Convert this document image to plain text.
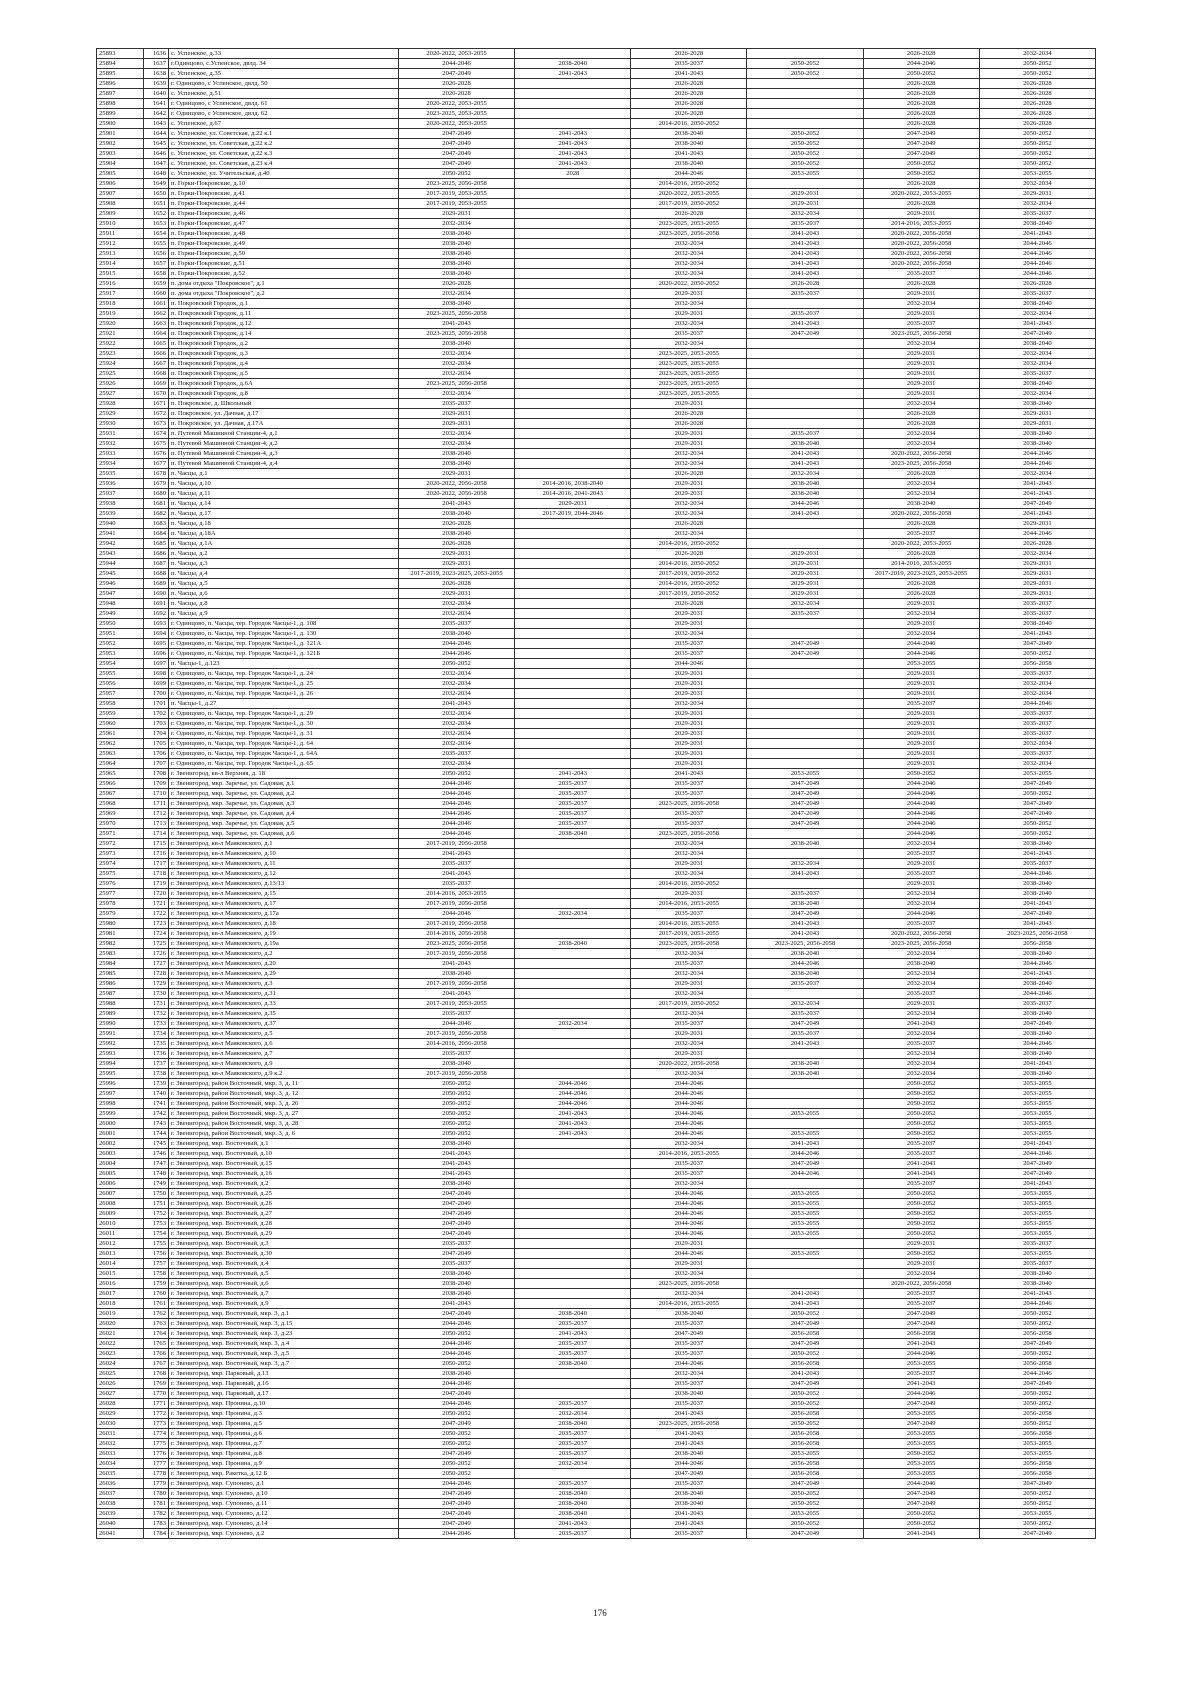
25893	1636	с. Успенское, д.33	2020-2022, 2053-2055		2026-2028		2026-2028	2032-2034
25894	1637	г.Одинцово, с.Успенское, двлд. 34	2044-2046	2038-2040	2035-2037	2050-2052	2044-2046	2050-2052
25895	1638	с. Успенское, д.35	2047-2049	2041-2043	2041-2043	2050-2052	2050-2052	2050-2052
25896	1639	г. Одинцово, с Успенское, двлд. 50	2026-2028		2026-2028		2026-2028	2026-2028
25897	1640	с. Успенское, д.51	2026-2028		2026-2028		2026-2028	2026-2028
25898	1641	г. Одинцово, с Успенское, двлд. 61	2020-2022, 2053-2055		2026-2028		2026-2028	2026-2028
25899	1642	г. Одинцово, с Успенское, двлд. 62	2023-2025, 2053-2055		2026-2028		2026-2028	2026-2028
25900	1643	с. Успенское, д.67	2020-2022, 2053-2055		2014-2016, 2050-2052		2026-2028	2026-2028
25901	1644	с. Успенское, ул. Советская, д.22 к.1	2047-2049	2041-2043	2038-2040	2050-2052	2047-2049	2050-2052
25902	1645	с. Успенское, ул. Советская, д.22 к.2	2047-2049	2041-2043	2038-2040	2050-2052	2047-2049	2050-2052
25903	1646	с. Успенское, ул. Советская, д.22 к.3	2047-2049	2041-2043	2041-2043	2050-2052	2047-2049	2050-2052
25904	1647	с. Успенское, ул. Советская, д.23 к.4	2047-2049	2041-2043	2038-2040	2050-2052	2050-2052	2050-2052
25905	1648	с. Успенское, ул. Учительская, д.40	2050-2052	2028	2044-2046	2053-2055	2050-2052	2053-2055
25906	1649	п. Горки-Покровские, д.10	2023-2025, 2056-2058		2014-2016, 2050-2052		2026-2028	2032-2034
25907	1650	п. Горки-Покровские, д.41	2017-2019, 2053-2055		2020-2022, 2053-2055	2029-2031	2020-2022, 2053-2055	2029-2031
25908	1651	п. Горки-Покровские, д.44	2017-2019, 2053-2055		2017-2019, 2050-2052	2029-2031	2026-2028	2032-2034
25909	1652	п. Горки-Покровские, д.46	2029-2031		2026-2028	2032-2034	2029-2031	2035-2037
25910	1653	п. Горки-Покровские, д.47	2032-2034		2023-2025, 2053-2055	2035-2037	2014-2016, 2053-2055	2038-2040
25911	1654	п. Горки-Покровские, д.48	2038-2040		2023-2025, 2056-2058	2041-2043	2020-2022, 2056-2058	2041-2043
25912	1655	п. Горки-Покровские, д.49	2038-2040		2032-2034	2041-2043	2020-2022, 2056-2058	2044-2046
25913	1656	п. Горки-Покровские, д.50	2038-2040		2032-2034	2041-2043	2020-2022, 2056-2058	2044-2046
25914	1657	п. Горки-Покровские, д.51	2038-2040		2032-2034	2041-2043	2020-2022, 2056-2058	2044-2046
25915	1658	п. Горки-Покровские, д.52	2038-2040		2032-2034	2041-2043	2035-2037	2044-2046
25916	1659	п. дома отдыха "Покровское", д.1	2026-2028		2020-2022, 2050-2052	2026-2028	2026-2028	2026-2028
25917	1660	п. дома отдыха "Покровское", д.2	2032-2034		2029-2031	2035-2037	2029-2031	2035-2037
25918	1661	п. Покровский Городок, д.1	2038-2040		2032-2034		2032-2034	2038-2040
25919	1662	п. Покровский Городок, д.11	2023-2025, 2056-2058		2029-2031	2035-2037	2029-2031	2032-2034
25920	1663	п. Покровский Городок, д.12	2041-2043		2032-2034	2041-2043	2035-2037	2041-2043
25921	1664	п. Покровский Городок, д.14	2023-2025, 2056-2058		2035-2037	2047-2049	2023-2025, 2056-2058	2047-2049
25922	1665	п. Покровский Городок, д.2	2038-2040		2032-2034		2032-2034	2038-2040
25923	1666	п. Покровский Городок, д.3	2032-2034		2023-2025, 2053-2055		2029-2031	2032-2034
25924	1667	п. Покровский Городок, д.4	2032-2034		2023-2025, 2053-2055		2029-2031	2032-2034
25925	1668	п. Покровский Городок, д.5	2032-2034		2023-2025, 2053-2055		2029-2031	2035-2037
25926	1669	п. Покровский Городок, д.6А	2023-2025, 2056-2058		2023-2025, 2053-2055		2029-2031	2038-2040
25927	1670	п. Покровский Городок, д.8	2032-2034		2023-2025, 2053-2055		2029-2031	2032-2034
25928	1671	п. Покровское, д. Школьный	2035-2037		2029-2031		2032-2034	2038-2040
25929	1672	п. Покровское, ул. Дачная, д.17	2029-2031		2026-2028		2026-2028	2029-2031
25930	1673	п. Покровское, ул. Дачная, д.17А	2029-2031		2026-2028		2026-2028	2029-2031
25931	1674	п. Путевой Машинной Станции-4, д.1	2032-2034		2029-2031	2035-2037	2032-2034	2038-2040
25932	1675	п. Путевой Машинной Станции-4, д.2	2032-2034		2029-2031	2038-2040	2032-2034	2038-2040
25933	1676	п. Путевой Машинной Станции-4, д.3	2038-2040		2032-2034	2041-2043	2020-2022, 2056-2058	2044-2046
25934	1677	п. Путевой Машинной Станции-4, д.4	2038-2040		2032-2034	2041-2043	2023-2025, 2056-2058	2044-2046
25935	1678	п. Часцы, д.1	2029-2031		2026-2028	2032-2034	2026-2028	2032-2034
25936	1679	п. Часцы, д.10	2020-2022, 2056-2058	2014-2016, 2038-2040	2029-2031	2038-2040	2032-2034	2041-2043
25937	1680	п. Часцы, д.11	2020-2022, 2056-2058	2014-2016, 2041-2043	2029-2031	2038-2040	2032-2034	2041-2043
25938	1681	п. Часцы, д.14	2041-2043	2029-2031	2032-2034	2044-2046	2038-2040	2047-2049
25939	1682	п. Часцы, д.17	2038-2040	2017-2019, 2044-2046	2032-2034	2041-2043	2020-2022, 2056-2058	2041-2043
25940	1683	п. Часцы, д.18	2026-2028		2026-2028		2026-2028	2029-2031
25941	1684	п. Часцы, д.18А	2038-2040		2032-2034		2035-2037	2044-2046
25942	1685	п. Часцы, д.1А	2026-2028		2014-2016, 2050-2052		2020-2022, 2053-2055	2026-2028
25943	1686	п. Часцы, д.2	2029-2031		2026-2028	2029-2031	2026-2028	2032-2034
25944	1687	п. Часцы, д.3	2029-2031		2014-2016, 2050-2052	2029-2031	2014-2016, 2053-2055	2029-2031
25945	1688	п. Часцы, д.4	2017-2019, 2023-2025, 2053-2055		2017-2019, 2050-2052	2029-2031	2017-2019, 2023-2025, 2053-2055	2029-2031
25946	1689	п. Часцы, д.5	2026-2028		2014-2016, 2050-2052	2029-2031	2026-2028	2029-2031
25947	1690	п. Часцы, д.6	2029-2031		2017-2019, 2050-2052	2029-2031	2026-2028	2029-2031
25948	1691	п. Часцы, д.8	2032-2034		2026-2028	2032-2034	2029-2031	2035-2037
25949	1692	п. Часцы, д.9	2032-2034		2029-2031	2035-2037	2032-2034	2035-2037
25950	1693	г. Одинцово, п. Часцы, тер. Городок Часцы-1, д. 108	2035-2037		2029-2031		2029-2031	2038-2040
25951	1694	г. Одинцово, п. Часцы, тер. Городок Часцы-1, д. 130	2038-2040		2032-2034		2032-2034	2041-2043
25952	1695	г. Одинцово, п. Часцы, тер. Городок Часцы-1, д. 121А	2044-2046		2035-2037	2047-2049	2044-2046	2047-2049
25953	1696	г. Одинцово, п. Часцы, тер. Городок Часцы-1, д. 121Б	2044-2046		2035-2037	2047-2049	2044-2046	2050-2052
25954	1697	п. Часцы-1, д.123	2050-2052		2044-2046		2053-2055	2056-2058
25955	1698	г. Одинцово, п. Часцы, тер. Городок Часцы-1, д. 24	2032-2034		2029-2031		2029-2031	2035-2037
25956	1699	г. Одинцово, п. Часцы, тер. Городок Часцы-1, д. 25	2032-2034		2029-2031		2029-2031	2032-2034
25957	1700	г. Одинцово, п. Часцы, тер. Городок Часцы-1, д. 26	2032-2034		2029-2031		2029-2031	2032-2034
25958	1701	п. Часцы-1, д.27	2041-2043		2032-2034		2035-2037	2044-2046
25959	1702	г. Одинцово, п. Часцы, тер. Городок Часцы-1, д. 29	2032-2034		2029-2031		2029-2031	2035-2037
25960	1703	г. Одинцово, п. Часцы, тер. Городок Часцы-1, д. 30	2032-2034		2029-2031		2029-2031	2035-2037
25961	1704	г. Одинцово, п. Часцы, тер. Городок Часцы-1, д. 31	2032-2034		2029-2031		2029-2031	2035-2037
25962	1705	г. Одинцово, п. Часцы, тер. Городок Часцы-1, д. 64	2032-2034		2029-2031		2029-2031	2032-2034
25963	1706	г. Одинцово, п. Часцы, тер. Городок Часцы-1, д. 64А	2035-2037		2029-2031		2029-2031	2035-2037
25964	1707	г. Одинцово, п. Часцы, тер. Городок Часцы-1, д. 65	2032-2034		2029-2031		2029-2031	2032-2034
25965	1708	г. Звенигород, кв-л Верхняя, д. 18	2050-2052	2041-2043	2041-2043	2053-2055	2050-2052	2053-2055
25966	1709	г. Звенигород, мкр. Заречье, ул. Садовая, д.1	2044-2046	2035-2037	2035-2037	2047-2049	2044-2046	2047-2049
25967	1710	г. Звенигород, мкр. Заречье, ул. Садовая, д.2	2044-2046	2035-2037	2035-2037	2047-2049	2044-2046	2050-2052
25968	1711	г. Звенигород, мкр. Заречье, ул. Садовая, д.3	2044-2046	2035-2037	2023-2025, 2056-2058	2047-2049	2044-2046	2047-2049
25969	1712	г. Звенигород, мкр. Заречье, ул. Садовая, д.4	2044-2046	2035-2037	2035-2037	2047-2049	2044-2046	2047-2049
25970	1713	г. Звенигород, мкр. Заречье, ул. Садовая, д.5	2044-2046	2035-2037	2035-2037	2047-2049	2044-2046	2050-2052
25971	1714	г. Звенигород, мкр. Заречье, ул. Садовая, д.6	2044-2046	2038-2040	2023-2025, 2056-2058		2044-2046	2050-2052
25972	1715	г. Звенигород, кв-л Маяковского, д.1	2017-2019, 2056-2058		2032-2034	2038-2040	2032-2034	2038-2040
25973	1716	г. Звенигород, кв-л Маяковского, д.10	2041-2043		2032-2034		2035-2037	2041-2043
25974	1717	г. Звенигород, кв-л Маяковского, д.11	2035-2037		2029-2031	2032-2034	2029-2031	2035-2037
25975	1718	г. Звенигород, кв-л Маяковского, д.12	2041-2043		2032-2034	2041-2043	2035-2037	2044-2046
25976	1719	г. Звенигород, кв-л Маяковского, д.13/13	2035-2037		2014-2016, 2050-2052		2029-2031	2038-2040
25977	1720	г. Звенигород, кв-л Маяковского, д.15	2014-2016, 2053-2055		2029-2031	2035-2037	2032-2034	2038-2040
25978	1721	г. Звенигород, кв-л Маяковского, д.17	2017-2019, 2056-2058		2014-2016, 2053-2055	2038-2040	2032-2034	2041-2043
25979	1722	г. Звенигород, кв-л Маяковского, д.17а	2044-2046	2032-2034	2035-2037	2047-2049	2044-2046	2047-2049
25980	1723	г. Звенигород, кв-л Маяковского, д.18	2017-2019, 2056-2058		2014-2016, 2053-2055	2041-2043	2035-2037	2041-2043
25981	1724	г. Звенигород, кв-л Маяковского, д.19	2014-2016, 2056-2058		2017-2019, 2053-2055	2041-2043	2020-2022, 2056-2058	2023-2025, 2056-2058
25982	1725	г. Звенигород, кв-л Маяковского, д.19а	2023-2025, 2056-2058	2038-2040	2023-2025, 2056-2058	2023-2025, 2056-2058	2023-2025, 2056-2058	2056-2058
25983	1726	г. Звенигород, кв-л Маяковского, д.2	2017-2019, 2056-2058		2032-2034	2038-2040	2032-2034	2038-2040
25984	1727	г. Звенигород, кв-л Маяковского, д.20	2041-2043		2035-2037	2044-2046	2038-2040	2044-2046
25985	1728	г. Звенигород, кв-л Маяковского, д.29	2038-2040		2032-2034	2038-2040	2032-2034	2041-2043
25986	1729	г. Звенигород, кв-л Маяковского, д.3	2017-2019, 2056-2058		2029-2031	2035-2037	2032-2034	2038-2040
25987	1730	г. Звенигород, кв-л Маяковского, д.31	2041-2043		2032-2034		2035-2037	2044-2046
25988	1731	г. Звенигород, кв-л Маяковского, д.33	2017-2019, 2053-2055		2017-2019, 2050-2052	2032-2034	2029-2031	2035-2037
25989	1732	г. Звенигород, кв-л Маяковского, д.35	2035-2037		2032-2034	2035-2037	2032-2034	2038-2040
25990	1733	г. Звенигород, кв-л Маяковского, д.37	2044-2046	2032-2034	2035-2037	2047-2049	2041-2043	2047-2049
25991	1734	г. Звенигород, кв-л Маяковского, д.5	2017-2019, 2056-2058		2029-2031	2035-2037	2032-2034	2038-2040
25992	1735	г. Звенигород, кв-л Маяковского, д.6	2014-2016, 2056-2058		2032-2034	2041-2043	2035-2037	2044-2046
25993	1736	г. Звенигород, кв-л Маяковского, д.7	2035-2037		2029-2031		2032-2034	2038-2040
25994	1737	г. Звенигород, кв-л Маяковского, д.9	2038-2040		2020-2022, 2056-2058	2038-2040	2032-2034	2041-2043
25995	1738	г. Звенигород, кв-л Маяковского, д.9 к.2	2017-2019, 2056-2058		2032-2034	2038-2040	2032-2034	2038-2040
25996	1739	г. Звенигород, район Восточный, мкр. 3, д. 11	2050-2052	2044-2046	2044-2046		2050-2052	2053-2055
25997	1740	г. Звенигород, район Восточный, мкр. 3, д. 12	2050-2052	2044-2046	2044-2046		2050-2052	2053-2055
25998	1741	г. Звенигород, район Восточный, мкр. 3, д. 26	2050-2052	2044-2046	2044-2046		2050-2052	2053-2055
25999	1742	г. Звенигород, район Восточный, мкр. 3, д. 27	2050-2052	2041-2043	2044-2046	2053-2055	2050-2052	2053-2055
26000	1743	г. Звенигород, район Восточный, мкр. 3, д. 28	2050-2052	2041-2043	2044-2046		2050-2052	2053-2055
26001	1744	г. Звенигород, район Восточный, мкр. 3, д. 6	2050-2052	2041-2043	2044-2046	2053-2055	2050-2052	2053-2055
26002	1745	г. Звенигород, мкр. Восточный, д.1	2038-2040		2032-2034	2041-2043	2035-2037	2041-2043
26003	1746	г. Звенигород, мкр. Восточный, д.10	2041-2043		2014-2016, 2053-2055	2044-2046	2035-2037	2044-2046
26004	1747	г. Звенигород, мкр. Восточный, д.15	2041-2043		2035-2037	2047-2049	2041-2043	2047-2049
26005	1748	г. Звенигород, мкр. Восточный, д.16	2041-2043		2035-2037	2044-2046	2041-2043	2047-2049
26006	1749	г. Звенигород, мкр. Восточный, д.2	2038-2040		2032-2034		2035-2037	2041-2043
26007	1750	г. Звенигород, мкр. Восточный, д.25	2047-2049		2044-2046	2053-2055	2050-2052	2053-2055
26008	1751	г. Звенигород, мкр. Восточный, д.26	2047-2049		2044-2046	2053-2055	2050-2052	2053-2055
26009	1752	г. Звенигород, мкр. Восточный, д.27	2047-2049		2044-2046	2053-2055	2050-2052	2053-2055
26010	1753	г. Звенигород, мкр. Восточный, д.28	2047-2049		2044-2046	2053-2055	2050-2052	2053-2055
26011	1754	г. Звенигород, мкр. Восточный, д.29	2047-2049		2044-2046	2053-2055	2050-2052	2053-2055
26012	1755	г. Звенигород, мкр. Восточный, д.3	2035-2037		2029-2031		2029-2031	2035-2037
26013	1756	г. Звенигород, мкр. Восточный, д.30	2047-2049		2044-2046	2053-2055	2050-2052	2053-2055
26014	1757	г. Звенигород, мкр. Восточный, д.4	2035-2037		2029-2031		2029-2031	2035-2037
26015	1758	г. Звенигород, мкр. Восточный, д.5	2038-2040		2032-2034		2032-2034	2038-2040
26016	1759	г. Звенигород, мкр. Восточный, д.6	2038-2040		2023-2025, 2056-2058		2020-2022, 2056-2058	2038-2040
26017	1760	г. Звенигород, мкр. Восточный, д.7	2038-2040		2032-2034	2041-2043	2035-2037	2041-2043
26018	1761	г. Звенигород, мкр. Восточный, д.9	2041-2043		2014-2016, 2053-2055	2041-2043	2035-2037	2044-2046
26019	1762	г. Звенигород, мкр. Восточный, мкр. 3, д.1	2047-2049	2038-2040	2038-2040	2050-2052	2047-2049	2050-2052
26020	1763	г. Звенигород, мкр. Восточный, мкр. 3, д.15	2044-2046	2035-2037	2035-2037	2047-2049	2047-2049	2050-2052
26021	1764	г. Звенигород, мкр. Восточный, мкр. 3, д.23	2050-2052	2041-2043	2047-2049	2056-2058	2056-2058	2056-2058
26022	1765	г. Звенигород, мкр. Восточный, мкр. 3, д.4	2044-2046	2035-2037	2035-2037	2047-2049	2041-2043	2047-2049
26023	1766	г. Звенигород, мкр. Восточный, мкр. 3, д.5	2044-2046	2035-2037	2035-2037	2050-2052	2044-2046	2050-2052
26024	1767	г. Звенигород, мкр. Восточный, мкр. 3, д.7	2050-2052	2038-2040	2044-2046	2056-2058	2053-2055	2056-2058
26025	1768	г. Звенигород, мкр. Парковый, д.13	2038-2040		2032-2034	2041-2043	2035-2037	2044-2046
26026	1769	г. Звенигород, мкр. Парковый, д.16	2044-2046		2035-2037	2047-2049	2041-2043	2047-2049
26027	1770	г. Звенигород, мкр. Парковый, д.17	2047-2049		2038-2040	2050-2052	2044-2046	2050-2052
26028	1771	г. Звенигород, мкр. Пронина, д.10	2044-2046	2035-2037	2035-2037	2050-2052	2047-2049	2050-2052
26029	1772	г. Звенигород, мкр. Пронина, д.3	2050-2052	2032-2034	2041-2043	2056-2058	2053-2055	2056-2058
26030	1773	г. Звенигород, мкр. Пронина, д.5	2047-2049	2038-2040	2023-2025, 2056-2058	2050-2052	2047-2049	2050-2052
26031	1774	г. Звенигород, мкр. Пронина, д.6	2050-2052	2035-2037	2041-2043	2056-2058	2053-2055	2056-2058
26032	1775	г. Звенигород, мкр. Пронина, д.7	2050-2052	2035-2037	2041-2043	2056-2058	2053-2055	2053-2055
26033	1776	г. Звенигород, мкр. Пронина, д.8	2047-2049	2035-2037	2038-2040	2053-2055	2050-2052	2053-2055
26034	1777	г. Звенигород, мкр. Пронина, д.9	2050-2052	2032-2034	2044-2046	2056-2058	2053-2055	2056-2058
26035	1778	г. Звенигород, мкр. Ракетка, д.12 Б	2050-2052		2047-2049	2056-2058	2053-2055	2056-2058
26036	1779	г. Звенигород, мкр. Супонево, д.1	2044-2046	2035-2037	2035-2037	2047-2049	2044-2046	2047-2049
26037	1780	г. Звенигород, мкр. Супонево, д.10	2047-2049	2038-2040	2038-2040	2050-2052	2047-2049	2050-2052
26038	1781	г. Звенигород, мкр. Супонево, д.11	2047-2049	2038-2040	2038-2040	2050-2052	2047-2049	2050-2052
26039	1782	г. Звенигород, мкр. Супонево, д.12	2047-2049	2038-2040	2041-2043	2053-2055	2050-2052	2053-2055
26040	1783	г. Звенигород, мкр. Супонево, д.14	2047-2049	2041-2043	2041-2043	2050-2052	2050-2052	2050-2052
26041	1784	г. Звенигород, мкр. Супонево, д.2	2044-2046	2035-2037	2035-2037	2047-2049	2041-2043	2047-2049
176
